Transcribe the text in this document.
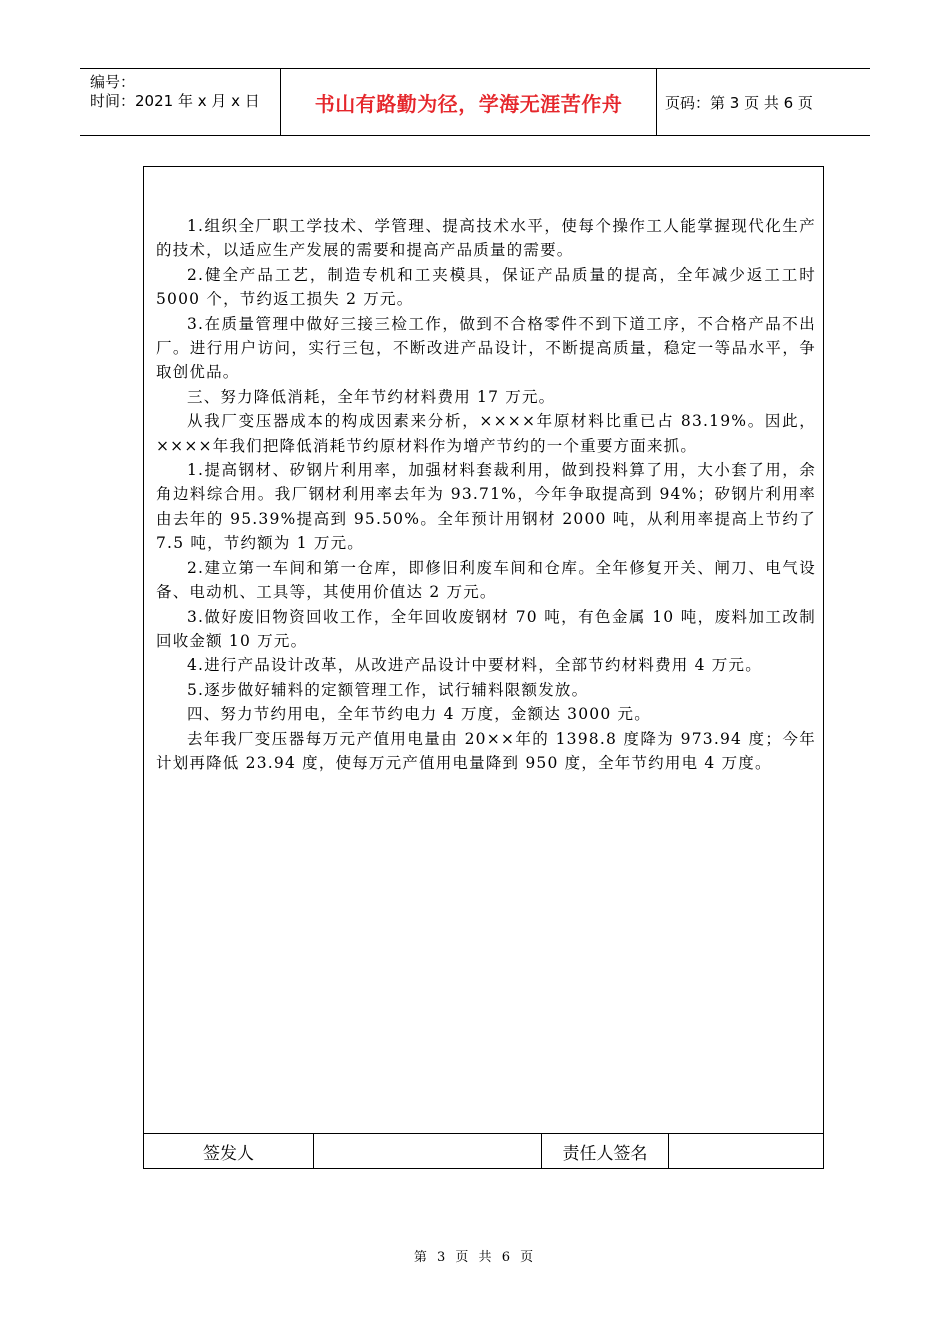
编号：
时间：2021 年 x 月 x 日	书山有路勤为径，学海无涯苦作舟	页码：第 3 页 共 6 页

1.组织全厂职工学技术、学管理、提高技术水平，使每个操作工人能掌握现代化生产的技术，以适应生产发展的需要和提高产品质量的需要。

2.健全产品工艺，制造专机和工夹模具，保证产品质量的提高，全年减少返工工时 5000 个，节约返工损失 2 万元。

3.在质量管理中做好三接三检工作，做到不合格零件不到下道工序，不合格产品不出厂。进行用户访问，实行三包，不断改进产品设计，不断提高质量，稳定一等品水平，争取创优品。

三、努力降低消耗，全年节约材料费用 17 万元。

从我厂变压器成本的构成因素来分析，××××年原材料比重已占 83.19%。因此，××××年我们把降低消耗节约原材料作为增产节约的一个重要方面来抓。

1.提高钢材、矽钢片利用率，加强材料套裁利用，做到投料算了用，大小套了用，余角边料综合用。我厂钢材利用率去年为 93.71%，今年争取提高到 94%；矽钢片利用率由去年的 95.39%提高到 95.50%。全年预计用钢材 2000 吨，从利用率提高上节约了 7.5 吨，节约额为 1 万元。

2.建立第一车间和第一仓库，即修旧利废车间和仓库。全年修复开关、闸刀、电气设备、电动机、工具等，其使用价值达 2 万元。

3.做好废旧物资回收工作，全年回收废钢材 70 吨，有色金属 10 吨，废料加工改制回收金额 10 万元。

4.进行产品设计改革，从改进产品设计中要材料，全部节约材料费用 4 万元。

5.逐步做好辅料的定额管理工作，试行辅料限额发放。

四、努力节约用电，全年节约电力 4 万度，金额达 3000 元。

去年我厂变压器每万元产值用电量由 20××年的 1398.8 度降为 973.94 度；今年计划再降低 23.94 度，使每万元产值用电量降到 950 度，全年节约用电 4 万度。

签发人	责任人签名
第 3 页 共 6 页
